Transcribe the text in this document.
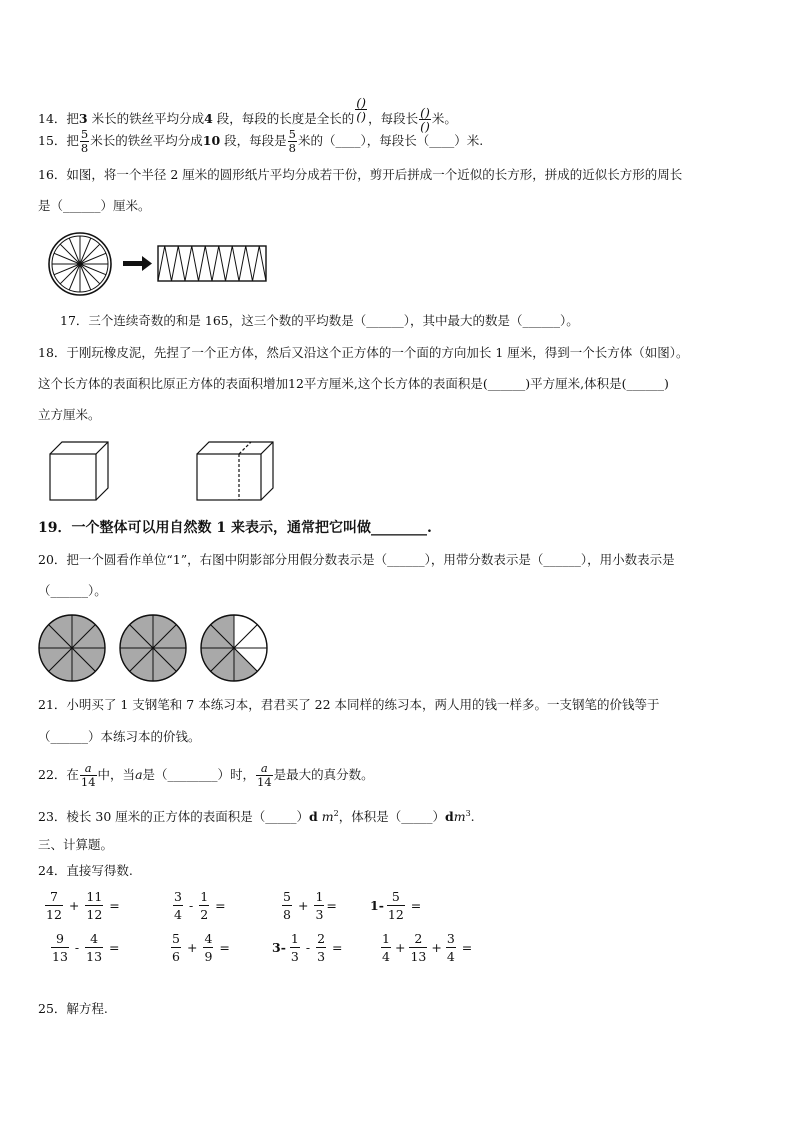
14．把3 米长的铁丝平均分成4 段，每段的长度是全长的 $\frac{()}{()}$ ，每段长 $\frac{()}{()}$ 米。
15．把 $\frac{5}{8}$ 米长的铁丝平均分成10 段，每段是 $\frac{5}{8}$ 米的（____），每段长（____）米.
16．如图，将一个半径 2 厘米的圆形纸片平均分成若干份，剪开后拼成一个近似的长方形，拼成的近似长方形的周长
是（______）厘米。
17．三个连续奇数的和是 165，这三个数的平均数是（______），其中最大的数是（______）。
18．于刚玩橡皮泥，先捏了一个正方体，然后又沿这个正方体的一个面的方向加长 1 厘米，得到一个长方体（如图）。
这个长方体的表面积比原正方体的表面积增加12平方厘米,这个长方体的表面积是(______)平方厘米,体积是(______)
立方厘米。
19．一个整体可以用自然数 1 来表示，通常把它叫做________.
20．把一个圆看作单位“1”，右图中阴影部分用假分数表示是（______），用带分数表示是（______），用小数表示是
（______）。
21．小明买了 1 支钢笔和 7 本练习本，君君买了 22 本同样的练习本，两人用的钱一样多。一支钢笔的价钱等于
（______）本练习本的价钱。
22．在 $\frac{a}{14}$ 中，当a是（________）时， $\frac{a}{14}$ 是最大的真分数。
23．棱长 30 厘米的正方体的表面积是（_____）d $m^2$，体积是$(\_\_\_\_\_)dm^3$.
三、计算题。
24．直接写得数.
$\frac{7}{12} + \frac{11}{12}$ =	$\frac{3}{4} - \frac{1}{2}$ =	$\frac{5}{8} + \frac{1}{3}$ =	$1- \frac{5}{12}$ =
$\frac{9}{13} - \frac{4}{13}$ =	$\frac{5}{6} + \frac{4}{9}$ =	$3- \frac{1}{3} - \frac{2}{3}$ =	$\frac{1}{4} + \frac{2}{13} + \frac{3}{4}$ =
25．解方程.
